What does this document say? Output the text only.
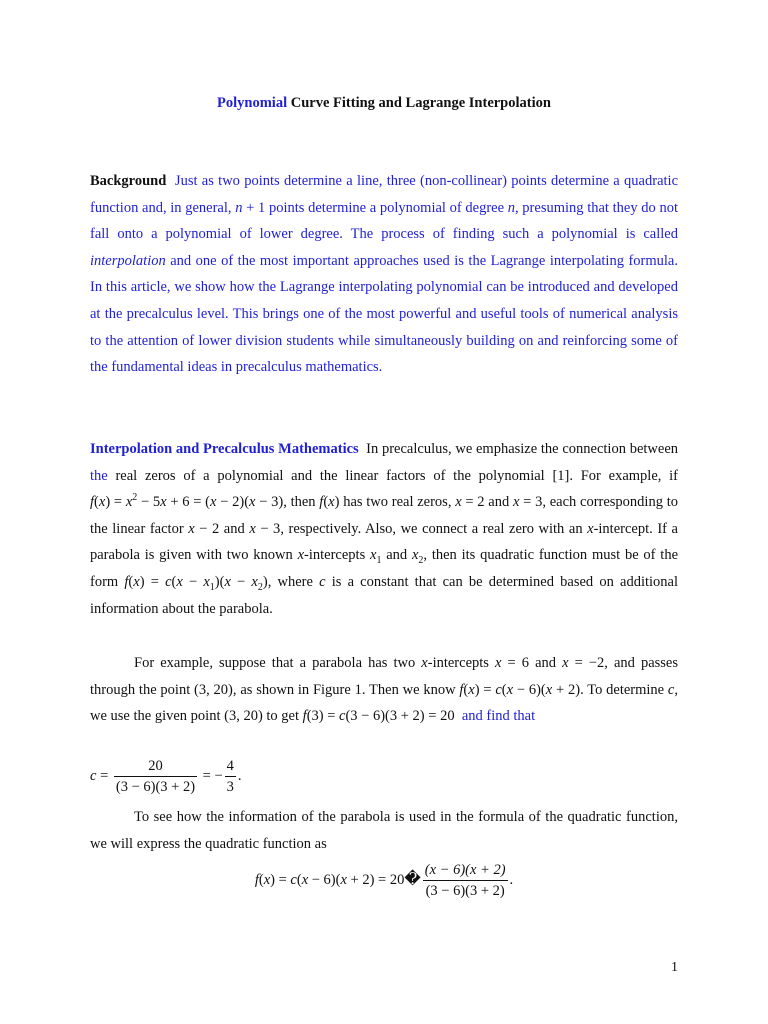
Polynomial Curve Fitting and Lagrange Interpolation

Background Just as two points determine a line, three (non-collinear) points determine a quadratic function and, in general, n + 1 points determine a polynomial of degree n, presuming that they do not fall onto a polynomial of lower degree. The process of finding such a polynomial is called interpolation and one of the most important approaches used is the Lagrange interpolating formula. In this article, we show how the Lagrange interpolating polynomial can be introduced and developed at the precalculus level. This brings one of the most powerful and useful tools of numerical analysis to the attention of lower division students while simultaneously building on and reinforcing some of the fundamental ideas in precalculus mathematics.

Interpolation and Precalculus Mathematics In precalculus, we emphasize the connection between the real zeros of a polynomial and the linear factors of the polynomial [1]. For example, if $f(x) = x^2 - 5x + 6 = (x - 2)(x - 3)$, then f(x) has two real zeros, x = 2 and x = 3, each corresponding to the linear factor x − 2 and x − 3, respectively. Also, we connect a real zero with an x-intercept. If a parabola is given with two known x-intercepts $x_1$ and $x_2$, then its quadratic function must be of the form $f(x) = c(x - x_1)(x - x_2)$, where c is a constant that can be determined based on additional information about the parabola.

For example, suppose that a parabola has two x-intercepts x = 6 and x = −2, and passes through the point (3, 20), as shown in Figure 1. Then we know f(x) = c(x − 6)(x + 2). To determine c, we use the given point (3, 20) to get f(3) = c(3 − 6)(3 + 2) = 20 and find that

$c = \frac{20}{(3 - 6)(3 + 2)}$ = − $\frac{4}{3}$ .

To see how the information of the parabola is used in the formula of the quadratic function, we will express the quadratic function as

f(x) = c(x − 6)(x + 2) = 20� $\frac{(x - 6)(x + 2)}{(3 - 6)(3 + 2)}$ .
1
